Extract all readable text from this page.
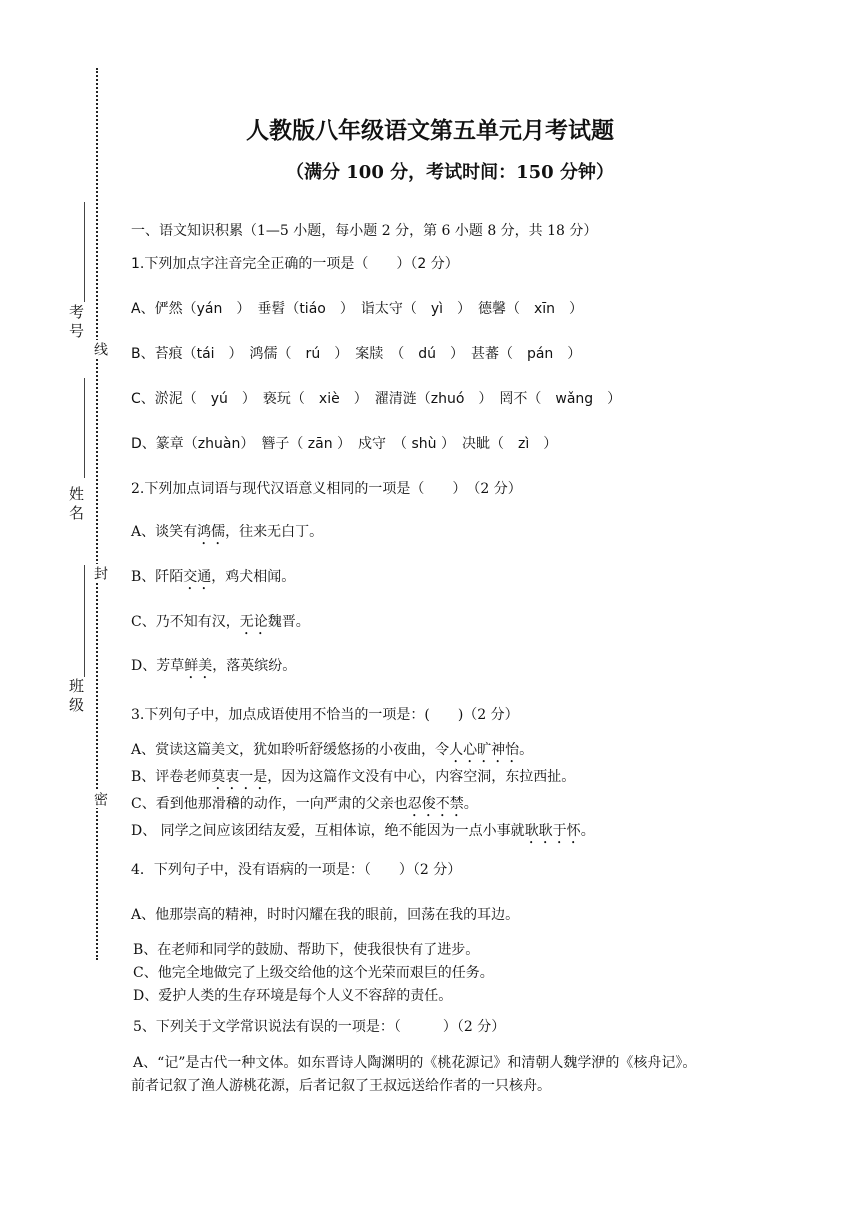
考号
姓名
班级
线
封
密
人教版八年级语文第五单元月考试题
（满分 100 分，考试时间：150 分钟）
一、语文知识积累（1—5 小题，每小题 2 分，第 6 小题 8 分，共 18 分）
1.下列加点字注音完全正确的一项是（　　）（2 分）
A、俨然（yán　）　垂髫（tiáo　）　诣太守（　yì　）　德馨（　xīn　）
B、苔痕（tái　）　鸿儒（　rú　）　案牍　（　dú　）　甚蕃（　pán　）
C、淤泥（　yú　）　亵玩（　xiè　）　濯清涟（zhuó　）　罔不（　wǎng　）
D、篆章（zhuàn）　簪子（ zān ）　戍守　（ shù ）　决眦（　zì　）
2.下列加点词语与现代汉语意义相同的一项是（　　）　（2 分）
A、谈笑有鸿儒，往来无白丁。
B、阡陌交通，鸡犬相闻。
C、乃不知有汉，无论魏晋。
D、芳草鲜美，落英缤纷。
3.下列句子中，加点成语使用不恰当的一项是：(　　)（2 分）
A、赏读这篇美文，犹如聆听舒缓悠扬的小夜曲，令人心旷神怡。
B、评卷老师莫衷一是，因为这篇作文没有中心，内容空洞，东拉西扯。
C、看到他那滑稽的动作，一向严肃的父亲也忍俊不禁。
D、 同学之间应该团结友爱，互相体谅，绝不能因为一点小事就耿耿于怀。
4．下列句子中，没有语病的一项是：（　　）（2 分）
A、他那崇高的精神，时时闪耀在我的眼前，回荡在我的耳边。
B、在老师和同学的鼓励、帮助下，使我很快有了进步。
C、他完全地做完了上级交给他的这个光荣而艰巨的任务。
D、爱护人类的生存环境是每个人义不容辞的责任。
5、下列关于文学常识说法有误的一项是：（　　　）（2 分）
A、“记”是古代一种文体。如东晋诗人陶渊明的《桃花源记》和清朝人魏学洢的《核舟记》。
前者记叙了渔人游桃花源，后者记叙了王叔远送给作者的一只核舟。
